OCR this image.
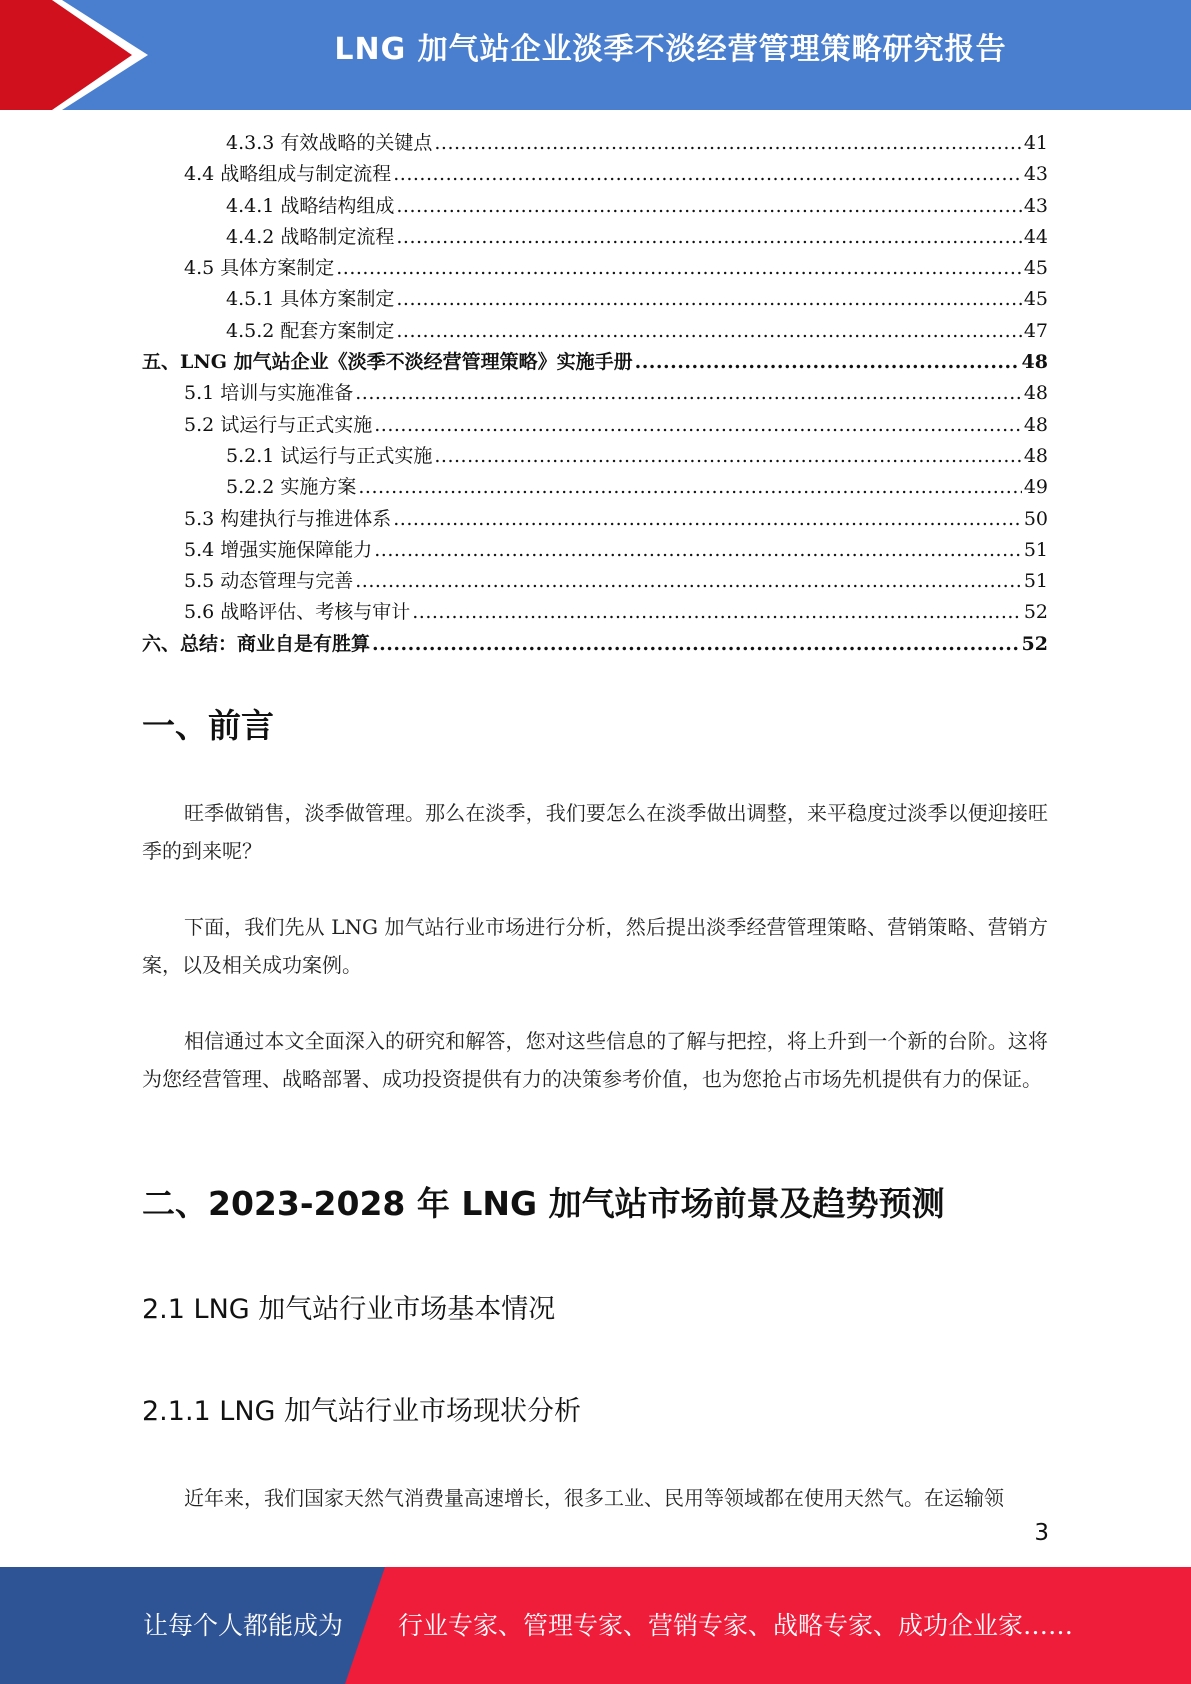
LNG 加气站企业淡季不淡经营管理策略研究报告
4.3.3 有效战略的关键点 .....	41
4.4 战略组成与制定流程 .....	43
4.4.1 战略结构组成 .....	43
4.4.2 战略制定流程 .....	44
4.5 具体方案制定 .....	45
4.5.1 具体方案制定 .....	45
4.5.2 配套方案制定 .....	47
五、LNG 加气站企业《淡季不淡经营管理策略》实施手册 .....	48
5.1 培训与实施准备 .....	48
5.2 试运行与正式实施 .....	48
5.2.1 试运行与正式实施 .....	48
5.2.2 实施方案 .....	49
5.3 构建执行与推进体系 .....	50
5.4 增强实施保障能力 .....	51
5.5 动态管理与完善 .....	51
5.6 战略评估、考核与审计 .....	52
六、总结：商业自是有胜算 .....	52
一、前言
旺季做销售，淡季做管理。那么在淡季，我们要怎么在淡季做出调整，来平稳度过淡季以便迎接旺季的到来呢？
下面，我们先从 LNG 加气站行业市场进行分析，然后提出淡季经营管理策略、营销策略、营销方案，以及相关成功案例。
相信通过本文全面深入的研究和解答，您对这些信息的了解与把控，将上升到一个新的台阶。这将为您经营管理、战略部署、成功投资提供有力的决策参考价值，也为您抢占市场先机提供有力的保证。
二、2023-2028 年 LNG 加气站市场前景及趋势预测
2.1 LNG 加气站行业市场基本情况
2.1.1 LNG 加气站行业市场现状分析
近年来，我们国家天然气消费量高速增长，很多工业、民用等领域都在使用天然气。在运输领
3
让每个人都能成为 行业专家、管理专家、营销专家、战略专家、成功企业家……
